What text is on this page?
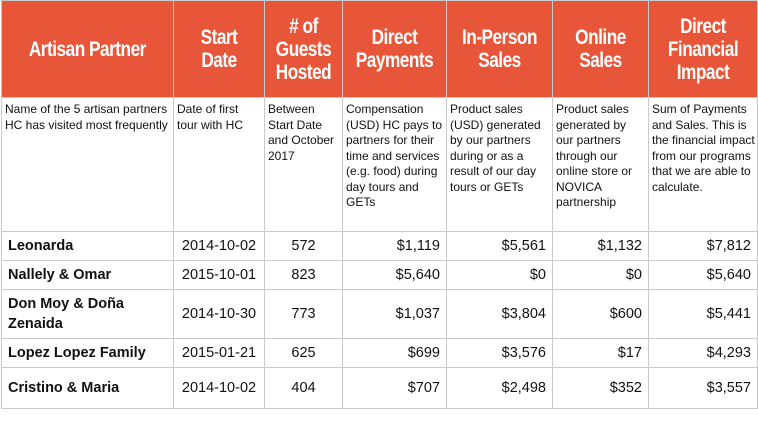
Artisan Partner	Start Date	# of Guests Hosted	Direct Payments	In-Person Sales	Online Sales	Direct Financial Impact
Name of the 5 artisan partners HC has visited most frequently	Date of first tour with HC	Between Start Date and October 2017	Compensation (USD) HC pays to partners for their time and services (e.g. food) during day tours and GETs	Product sales (USD) generated by our partners during or as a result of our day tours or GETs	Product sales generated by our partners through our online store or NOVICA partnership	Sum of Payments and Sales. This is the financial impact from our programs that we are able to calculate.
Leonarda	2014-10-02	572	$1,119	$5,561	$1,132	$7,812
Nallely & Omar	2015-10-01	823	$5,640	$0	$0	$5,640
Don Moy & Doña Zenaida	2014-10-30	773	$1,037	$3,804	$600	$5,441
Lopez Lopez Family	2015-01-21	625	$699	$3,576	$17	$4,293
Cristino & Maria	2014-10-02	404	$707	$2,498	$352	$3,557
